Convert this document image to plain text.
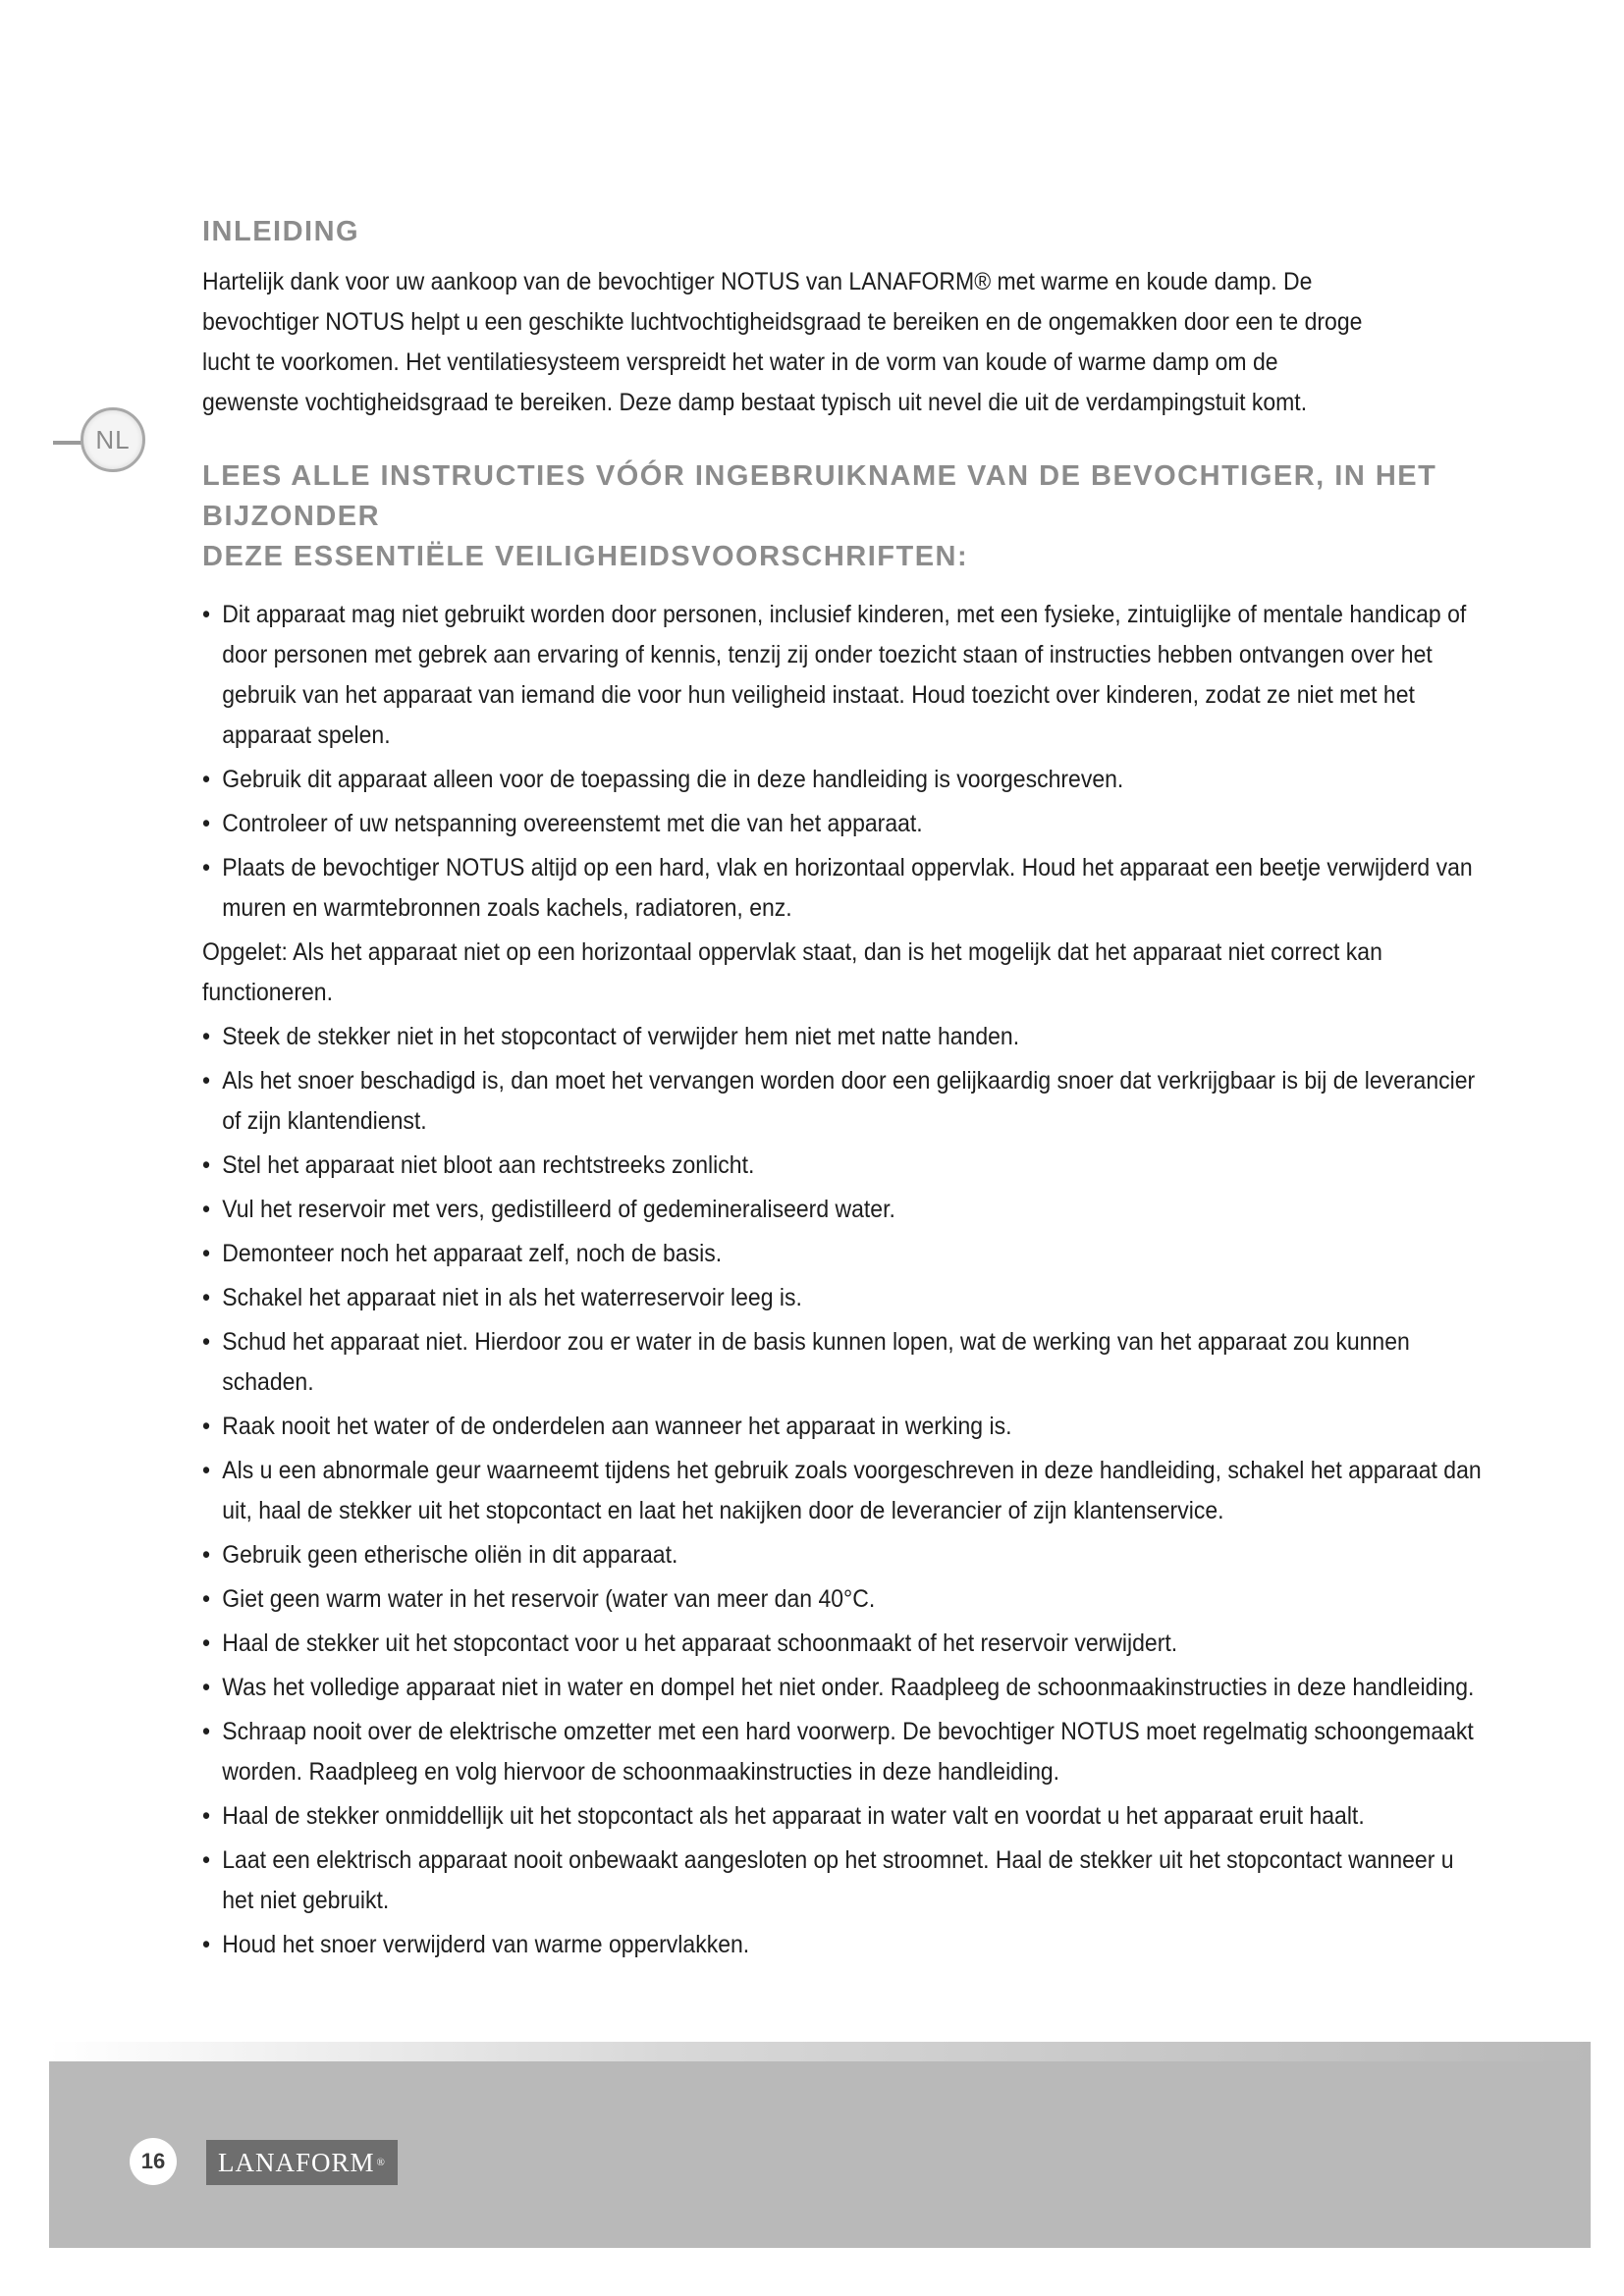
NL
INLEIDING
Hartelijk dank voor uw aankoop van de bevochtiger NOTUS van LANAFORM® met warme en koude damp. De
bevochtiger NOTUS helpt u een geschikte luchtvochtigheidsgraad te bereiken en de ongemakken door een te droge
lucht te voorkomen. Het ventilatiesysteem verspreidt het water in de vorm van koude of warme damp om de
gewenste vochtigheidsgraad te bereiken. Deze damp bestaat typisch uit nevel die uit de verdampingstuit komt.
LEES ALLE INSTRUCTIES VÓÓR INGEBRUIKNAME VAN DE BEVOCHTIGER, IN HET BIJZONDER
DEZE ESSENTIËLE VEILIGHEIDSVOORSCHRIFTEN:
• Dit apparaat mag niet gebruikt worden door personen, inclusief kinderen, met een fysieke, zintuiglijke of mentale handicap of door personen met gebrek aan ervaring of kennis, tenzij zij onder toezicht staan of instructies hebben ontvangen over het gebruik van het apparaat van iemand die voor hun veiligheid instaat. Houd toezicht over kinderen, zodat ze niet met het apparaat spelen.
• Gebruik dit apparaat alleen voor de toepassing die in deze handleiding is voorgeschreven.
• Controleer of uw netspanning overeenstemt met die van het apparaat.
• Plaats de bevochtiger NOTUS altijd op een hard, vlak en horizontaal oppervlak. Houd het apparaat een beetje verwijderd van muren en warmtebronnen zoals kachels, radiatoren, enz.
Opgelet: Als het apparaat niet op een horizontaal oppervlak staat, dan is het mogelijk dat het apparaat niet correct kan functioneren.
• Steek de stekker niet in het stopcontact of verwijder hem niet met natte handen.
• Als het snoer beschadigd is, dan moet het vervangen worden door een gelijkaardig snoer dat verkrijgbaar is bij de leverancier of zijn klantendienst.
• Stel het apparaat niet bloot aan rechtstreeks zonlicht.
• Vul het reservoir met vers, gedistilleerd of gedemineraliseerd water.
• Demonteer noch het apparaat zelf, noch de basis.
• Schakel het apparaat niet in als het waterreservoir leeg is.
• Schud het apparaat niet. Hierdoor zou er water in de basis kunnen lopen, wat de werking van het apparaat zou kunnen schaden.
• Raak nooit het water of de onderdelen aan wanneer het apparaat in werking is.
• Als u een abnormale geur waarneemt tijdens het gebruik zoals voorgeschreven in deze handleiding, schakel het apparaat dan uit, haal de stekker uit het stopcontact en laat het nakijken door de leverancier of zijn klantenservice.
• Gebruik geen etherische oliën in dit apparaat.
• Giet geen warm water in het reservoir (water van meer dan 40°C.
• Haal de stekker uit het stopcontact voor u het apparaat schoonmaakt of het reservoir verwijdert.
• Was het volledige apparaat niet in water en dompel het niet onder. Raadpleeg de schoonmaakinstructies in deze handleiding.
• Schraap nooit over de elektrische omzetter met een hard voorwerp. De bevochtiger NOTUS moet regelmatig schoongemaakt worden. Raadpleeg en volg hiervoor de schoonmaakinstructies in deze handleiding.
• Haal de stekker onmiddellijk uit het stopcontact als het apparaat in water valt en voordat u het apparaat eruit haalt.
• Laat een elektrisch apparaat nooit onbewaakt aangesloten op het stroomnet. Haal de stekker uit het stopcontact wanneer u het niet gebruikt.
• Houd het snoer verwijderd van warme oppervlakken.
16	LANAFORM ®
